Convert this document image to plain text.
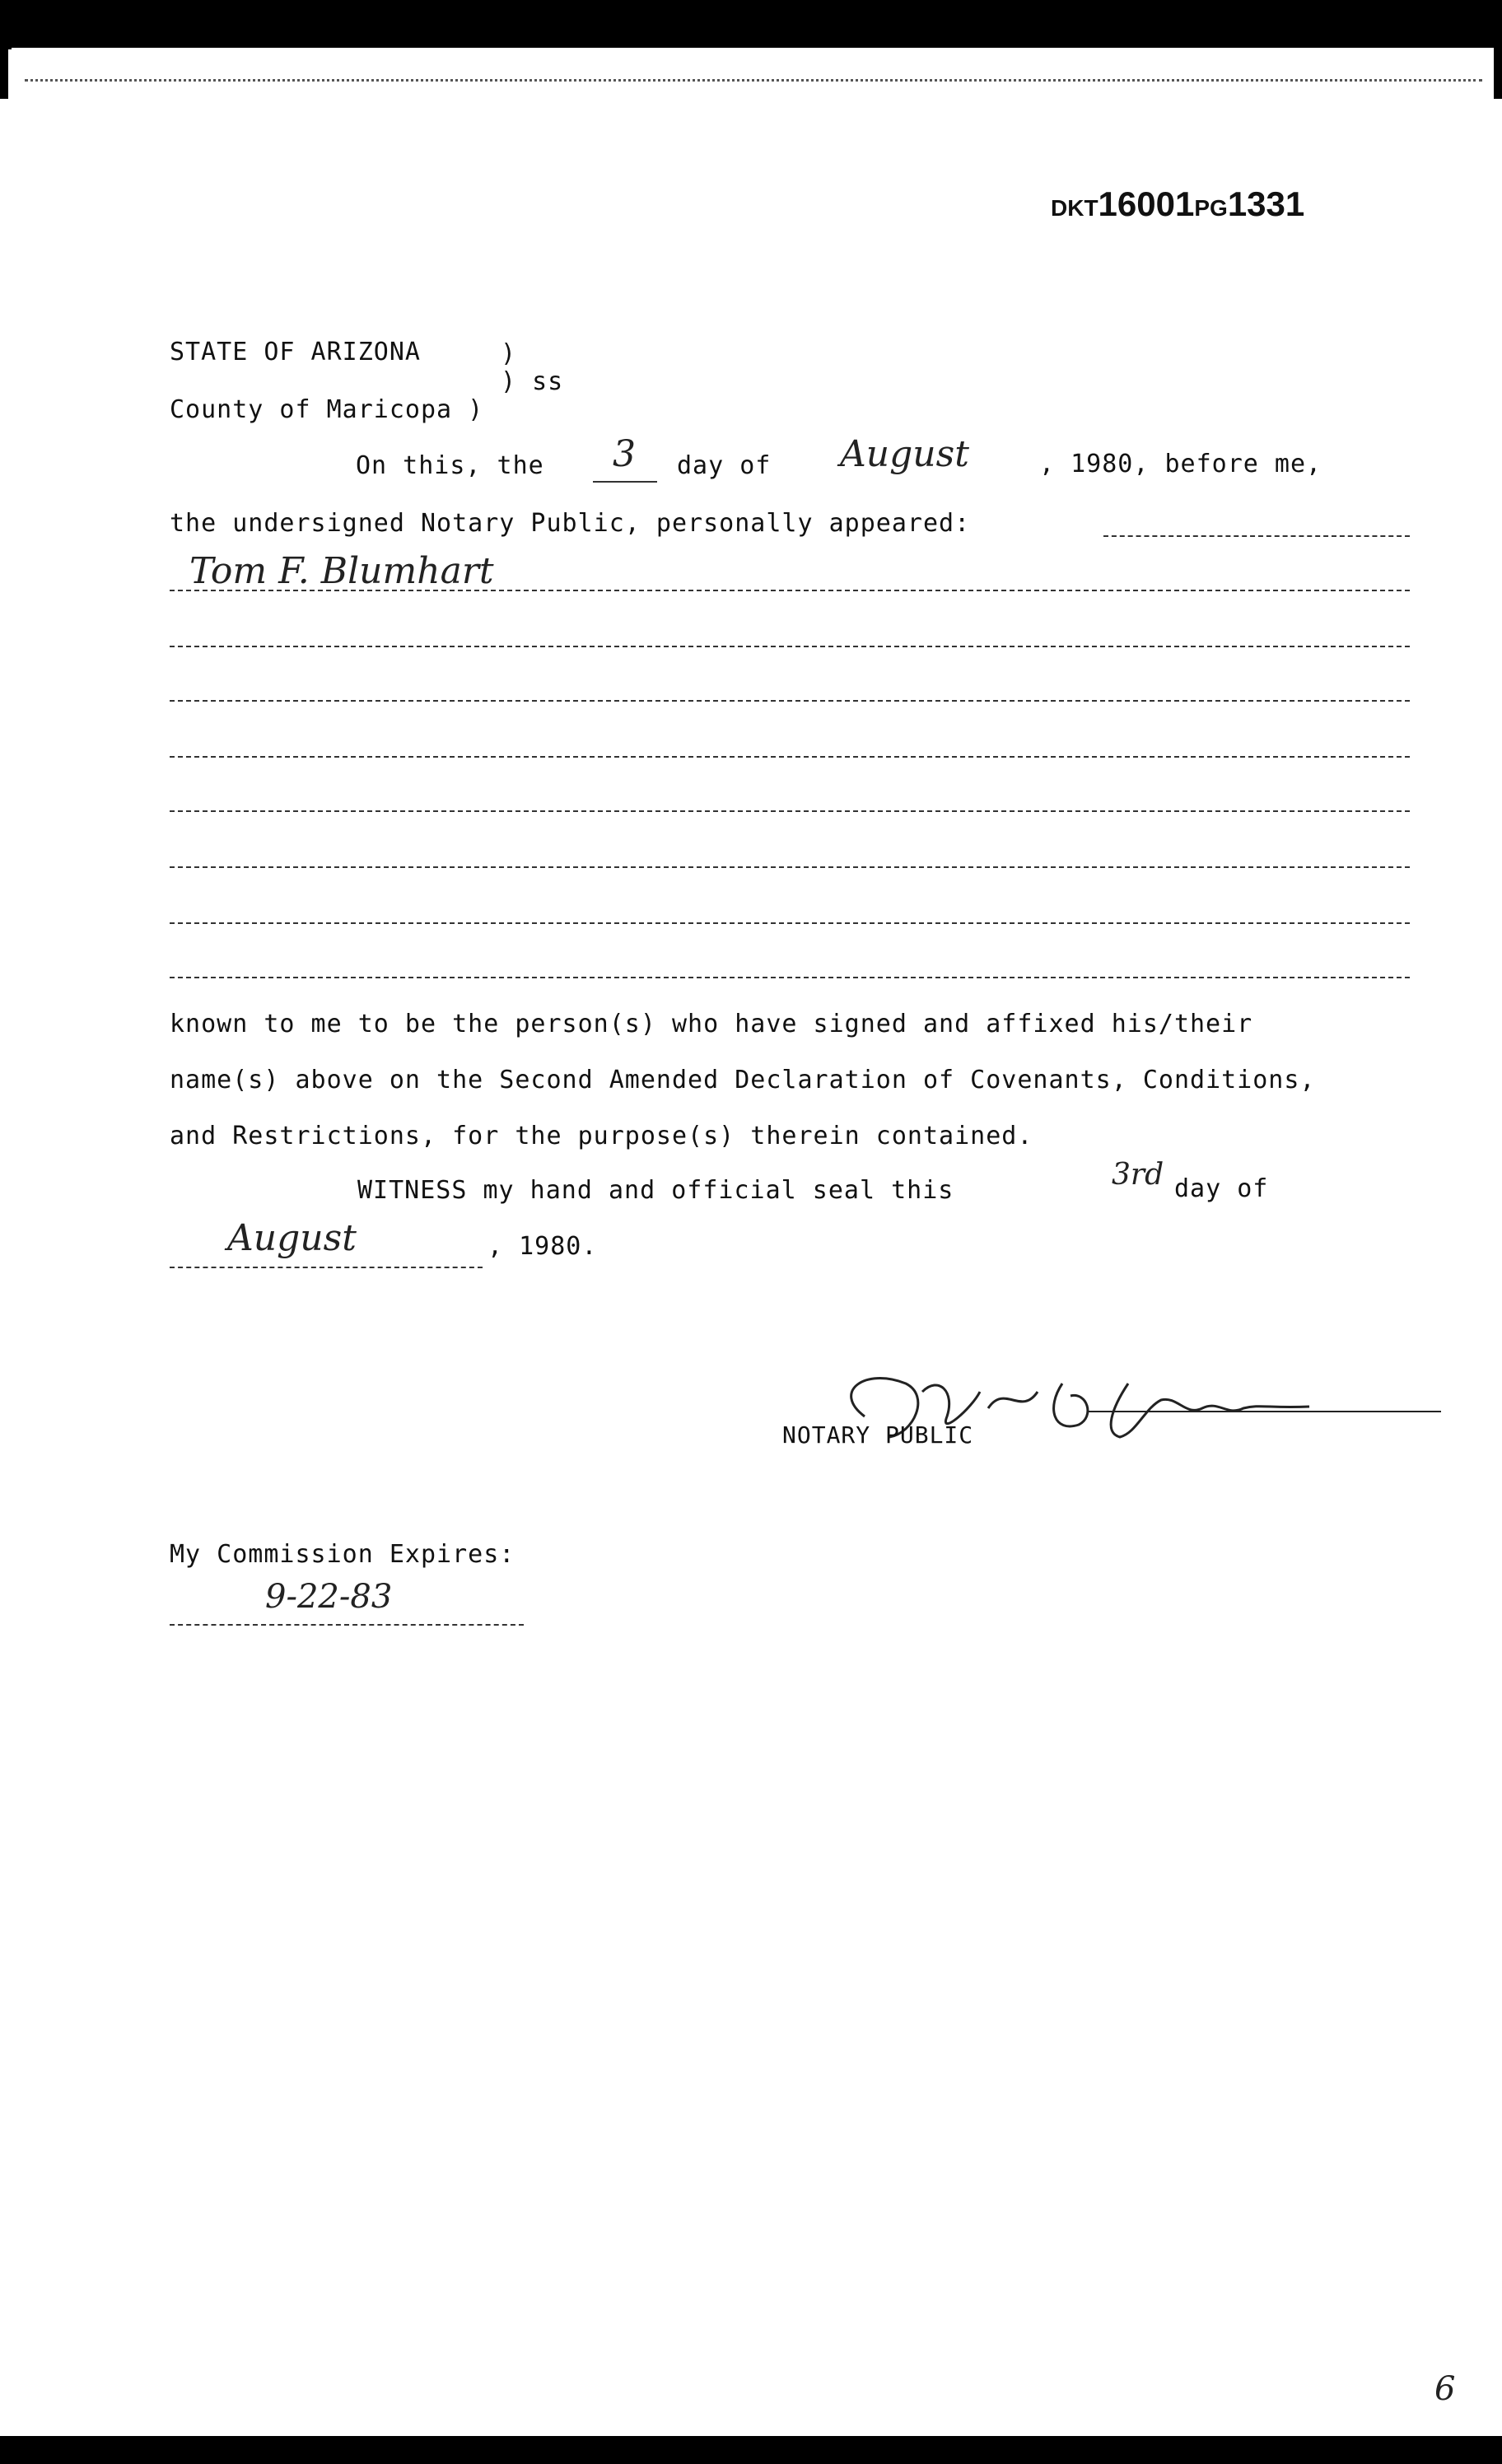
DKT16001PG1331
STATE OF ARIZONA	)
) ss
County of Maricopa )
On this, the 3 day of August	, 1980, before me,
the undersigned Notary Public, personally appeared:
Tom F. Blumhart
known to me to be the person(s) who have signed and affixed his/their
name(s) above on the Second Amended Declaration of Covenants, Conditions,
and Restrictions, for the purpose(s) therein contained.
WITNESS my hand and official seal this	3rd day of
August	, 1980.
NOTARY PUBLIC
My Commission Expires:
9-22-83
6
